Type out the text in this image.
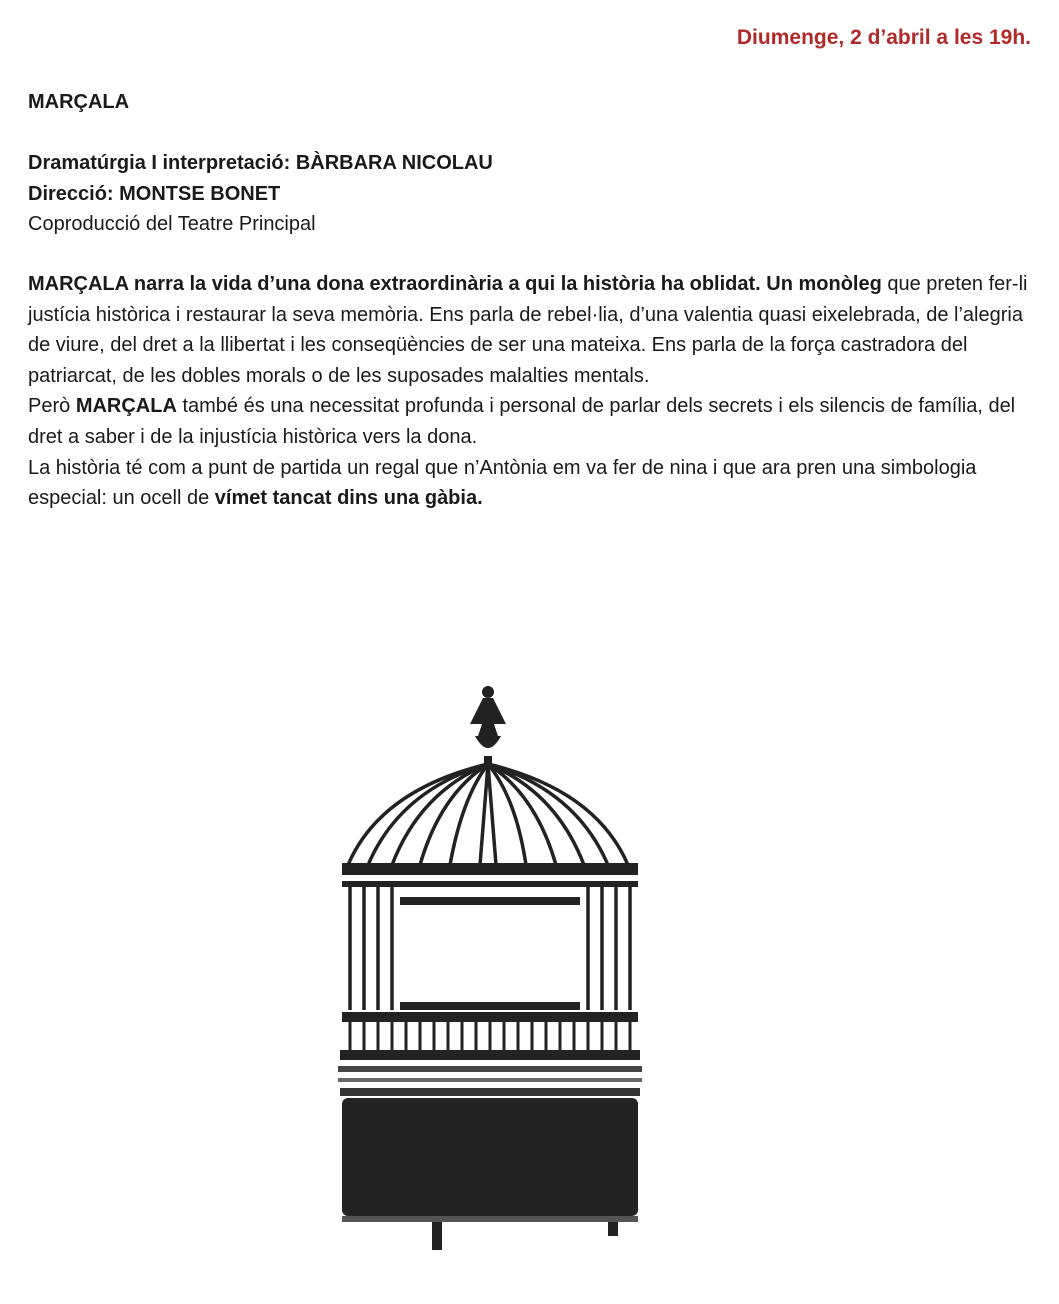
Diumenge, 2 d’abril a les 19h.
MARÇALA
Dramatúrgia I interpretació: BÀRBARA NICOLAU
Direcció: MONTSE BONET
Coproducció del Teatre Principal

MARÇALA narra la vida d’una dona extraordinària a qui la història ha oblidat. Un monòleg que preten fer-li justícia històrica i restaurar la seva memòria. Ens parla de rebel·lia, d’una valentia quasi eixelebrada, de l’alegria de viure, del dret a la llibertat i les conseqüències de ser una mateixa. Ens parla de la força castradora del patriarcat, de les dobles morals o de les suposades malalties mentals.

Però MARÇALA també és una necessitat profunda i personal de parlar dels secrets i els silencis de família, del dret a saber i de la injustícia històrica vers la dona.

La història té com a punt de partida un regal que n’Antònia em va fer de nina i que ara pren una simbologia especial: un ocell de vímet tancat dins una gàbia.
